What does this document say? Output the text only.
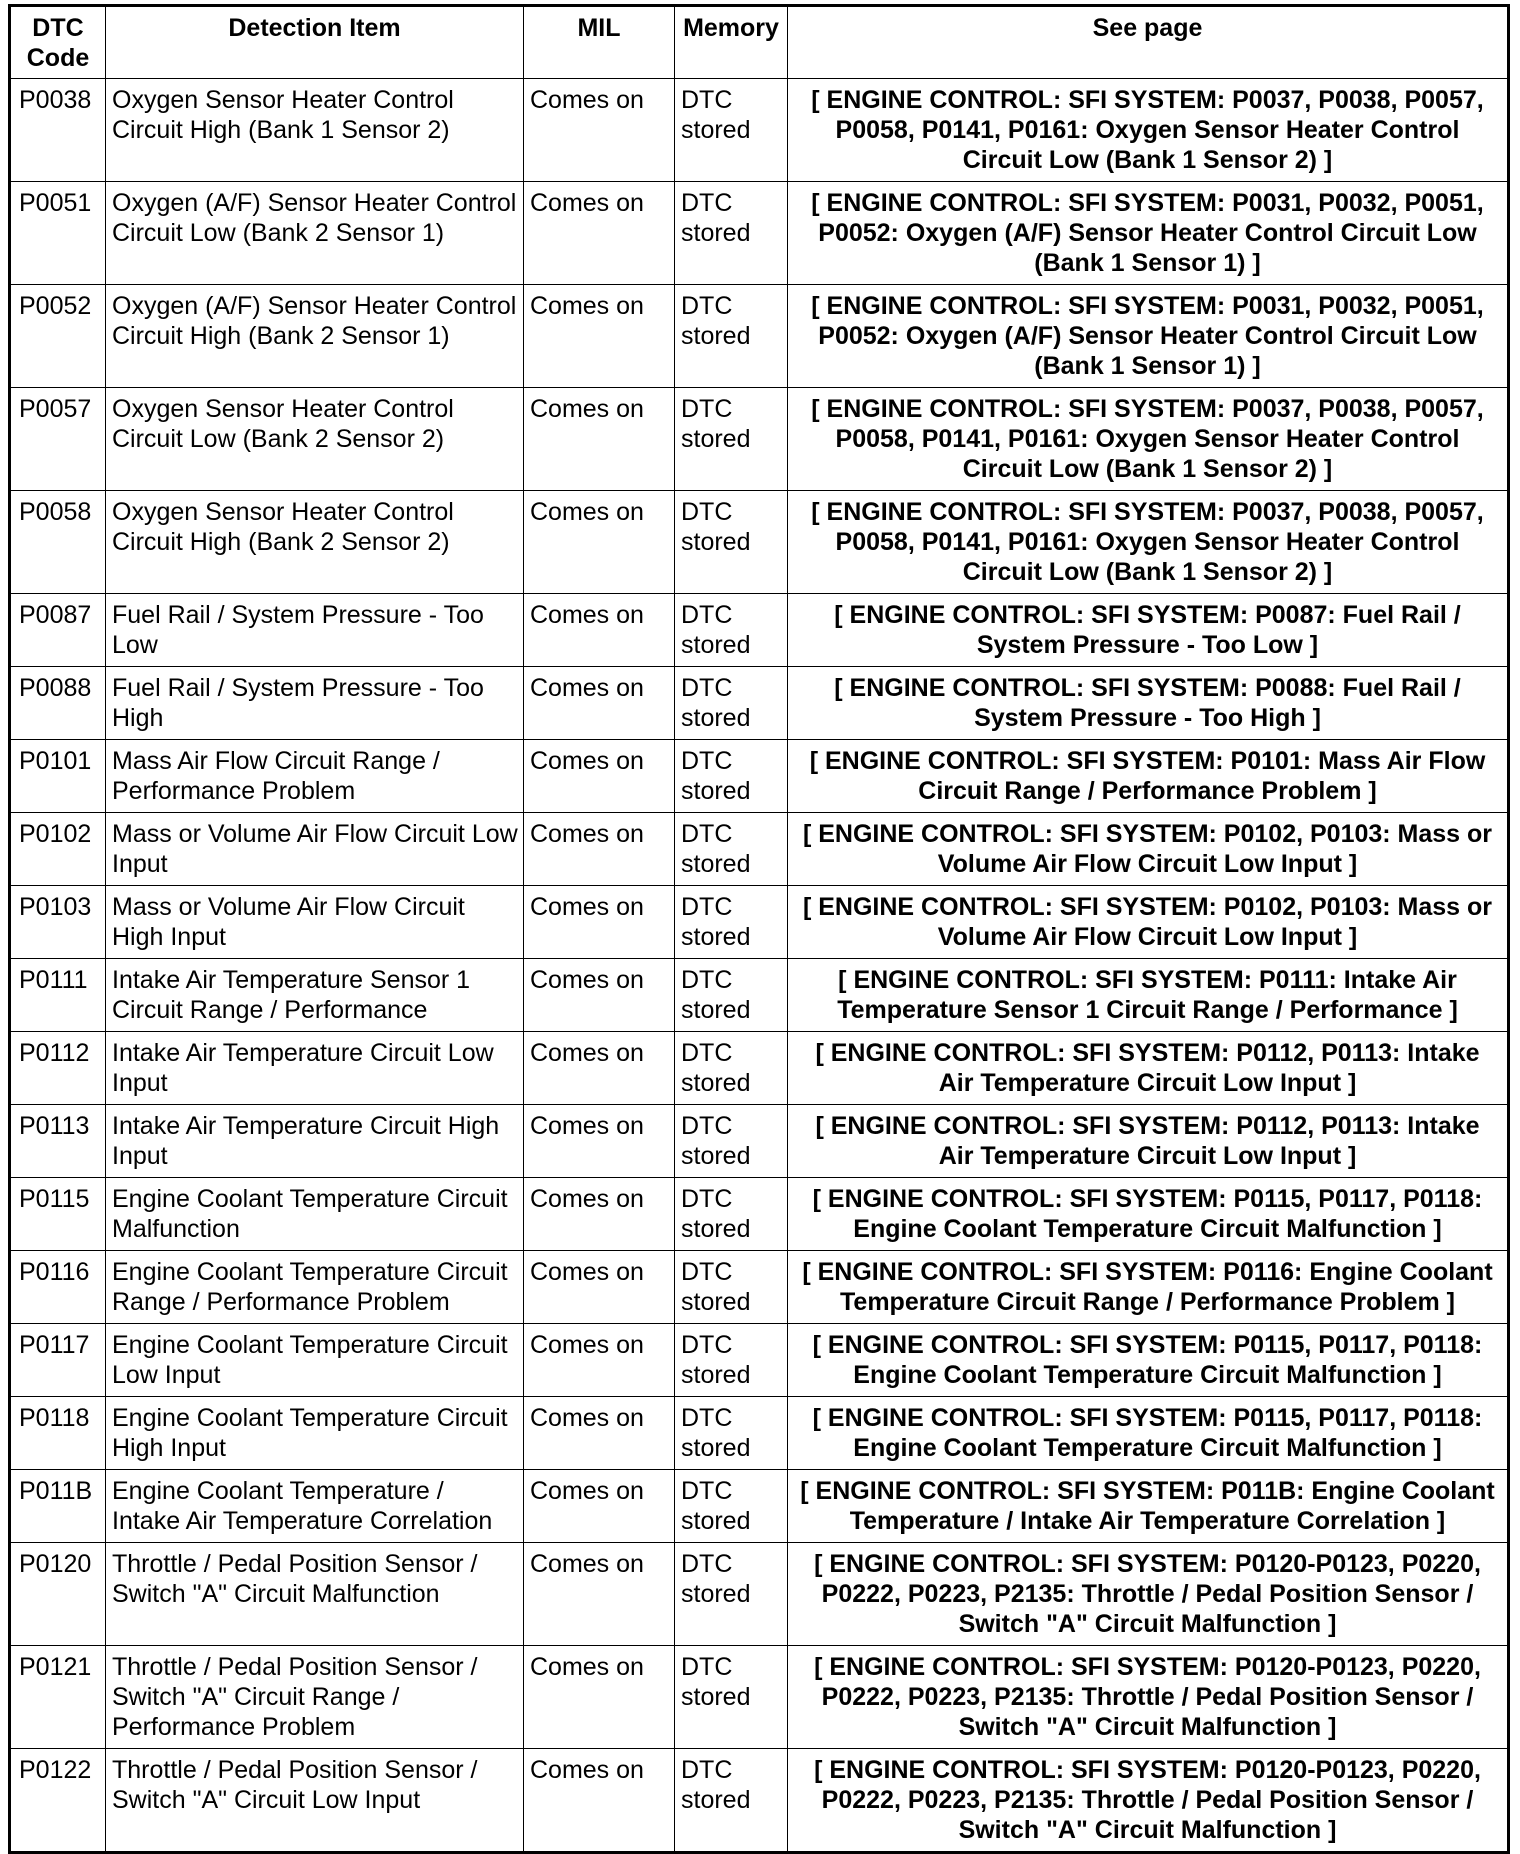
DTC Code	Detection Item	MIL	Memory	See page
P0038	Oxygen Sensor Heater Control Circuit High (Bank 1 Sensor 2)	Comes on	DTC stored	[ ENGINE CONTROL: SFI SYSTEM: P0037, P0038, P0057, P0058, P0141, P0161: Oxygen Sensor Heater Control Circuit Low (Bank 1 Sensor 2) ]
P0051	Oxygen (A/F) Sensor Heater Control Circuit Low (Bank 2 Sensor 1)	Comes on	DTC stored	[ ENGINE CONTROL: SFI SYSTEM: P0031, P0032, P0051, P0052: Oxygen (A/F) Sensor Heater Control Circuit Low (Bank 1 Sensor 1) ]
P0052	Oxygen (A/F) Sensor Heater Control Circuit High (Bank 2 Sensor 1)	Comes on	DTC stored	[ ENGINE CONTROL: SFI SYSTEM: P0031, P0032, P0051, P0052: Oxygen (A/F) Sensor Heater Control Circuit Low (Bank 1 Sensor 1) ]
P0057	Oxygen Sensor Heater Control Circuit Low (Bank 2 Sensor 2)	Comes on	DTC stored	[ ENGINE CONTROL: SFI SYSTEM: P0037, P0038, P0057, P0058, P0141, P0161: Oxygen Sensor Heater Control Circuit Low (Bank 1 Sensor 2) ]
P0058	Oxygen Sensor Heater Control Circuit High (Bank 2 Sensor 2)	Comes on	DTC stored	[ ENGINE CONTROL: SFI SYSTEM: P0037, P0038, P0057, P0058, P0141, P0161: Oxygen Sensor Heater Control Circuit Low (Bank 1 Sensor 2) ]
P0087	Fuel Rail / System Pressure - Too Low	Comes on	DTC stored	[ ENGINE CONTROL: SFI SYSTEM: P0087: Fuel Rail / System Pressure - Too Low ]
P0088	Fuel Rail / System Pressure - Too High	Comes on	DTC stored	[ ENGINE CONTROL: SFI SYSTEM: P0088: Fuel Rail / System Pressure - Too High ]
P0101	Mass Air Flow Circuit Range / Performance Problem	Comes on	DTC stored	[ ENGINE CONTROL: SFI SYSTEM: P0101: Mass Air Flow Circuit Range / Performance Problem ]
P0102	Mass or Volume Air Flow Circuit Low Input	Comes on	DTC stored	[ ENGINE CONTROL: SFI SYSTEM: P0102, P0103: Mass or Volume Air Flow Circuit Low Input ]
P0103	Mass or Volume Air Flow Circuit High Input	Comes on	DTC stored	[ ENGINE CONTROL: SFI SYSTEM: P0102, P0103: Mass or Volume Air Flow Circuit Low Input ]
P0111	Intake Air Temperature Sensor 1 Circuit Range / Performance	Comes on	DTC stored	[ ENGINE CONTROL: SFI SYSTEM: P0111: Intake Air Temperature Sensor 1 Circuit Range / Performance ]
P0112	Intake Air Temperature Circuit Low Input	Comes on	DTC stored	[ ENGINE CONTROL: SFI SYSTEM: P0112, P0113: Intake Air Temperature Circuit Low Input ]
P0113	Intake Air Temperature Circuit High Input	Comes on	DTC stored	[ ENGINE CONTROL: SFI SYSTEM: P0112, P0113: Intake Air Temperature Circuit Low Input ]
P0115	Engine Coolant Temperature Circuit Malfunction	Comes on	DTC stored	[ ENGINE CONTROL: SFI SYSTEM: P0115, P0117, P0118: Engine Coolant Temperature Circuit Malfunction ]
P0116	Engine Coolant Temperature Circuit Range / Performance Problem	Comes on	DTC stored	[ ENGINE CONTROL: SFI SYSTEM: P0116: Engine Coolant Temperature Circuit Range / Performance Problem ]
P0117	Engine Coolant Temperature Circuit Low Input	Comes on	DTC stored	[ ENGINE CONTROL: SFI SYSTEM: P0115, P0117, P0118: Engine Coolant Temperature Circuit Malfunction ]
P0118	Engine Coolant Temperature Circuit High Input	Comes on	DTC stored	[ ENGINE CONTROL: SFI SYSTEM: P0115, P0117, P0118: Engine Coolant Temperature Circuit Malfunction ]
P011B	Engine Coolant Temperature / Intake Air Temperature Correlation	Comes on	DTC stored	[ ENGINE CONTROL: SFI SYSTEM: P011B: Engine Coolant Temperature / Intake Air Temperature Correlation ]
P0120	Throttle / Pedal Position Sensor / Switch "A" Circuit Malfunction	Comes on	DTC stored	[ ENGINE CONTROL: SFI SYSTEM: P0120-P0123, P0220, P0222, P0223, P2135: Throttle / Pedal Position Sensor / Switch "A" Circuit Malfunction ]
P0121	Throttle / Pedal Position Sensor / Switch "A" Circuit Range / Performance Problem	Comes on	DTC stored	[ ENGINE CONTROL: SFI SYSTEM: P0120-P0123, P0220, P0222, P0223, P2135: Throttle / Pedal Position Sensor / Switch "A" Circuit Malfunction ]
P0122	Throttle / Pedal Position Sensor / Switch "A" Circuit Low Input	Comes on	DTC stored	[ ENGINE CONTROL: SFI SYSTEM: P0120-P0123, P0220, P0222, P0223, P2135: Throttle / Pedal Position Sensor / Switch "A" Circuit Malfunction ]
